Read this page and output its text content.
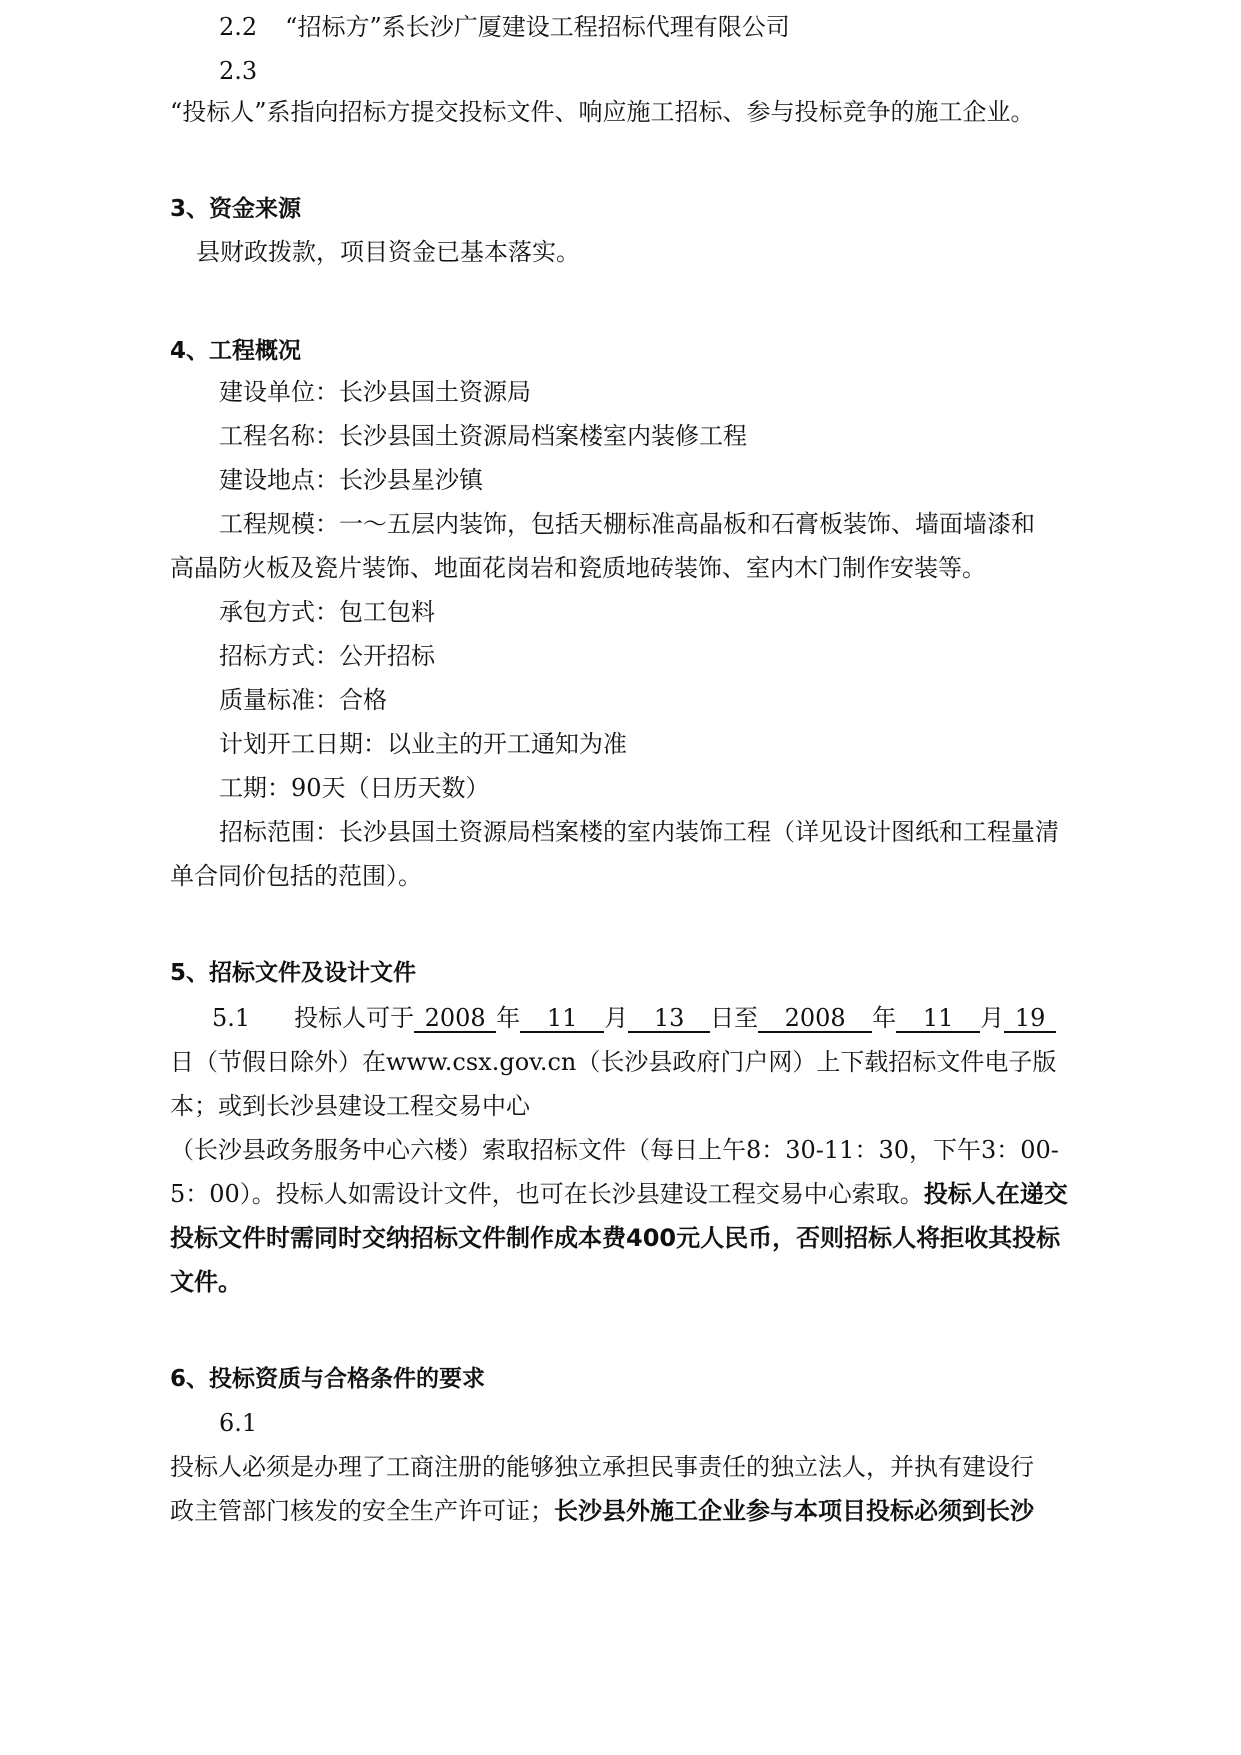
2.2 “招标方”系长沙广厦建设工程招标代理有限公司
2.3
“投标人”系指向招标方提交投标文件、响应施工招标、参与投标竞争的施工企业。
3、资金来源
县财政拨款，项目资金已基本落实。
4、工程概况
建设单位：长沙县国土资源局
工程名称：长沙县国土资源局档案楼室内装修工程
建设地点：长沙县星沙镇
工程规模：一～五层内装饰，包括天棚标准高晶板和石膏板装饰、墙面墙漆和
高晶防火板及瓷片装饰、地面花岗岩和瓷质地砖装饰、室内木门制作安装等。
承包方式：包工包料
招标方式：公开招标
质量标准：合格
计划开工日期：以业主的开工通知为准
工期：90天（日历天数）
招标范围：长沙县国土资源局档案楼的室内装饰工程（详见设计图纸和工程量清
单合同价包括的范围）。
5、招标文件及设计文件
5.1 投标人可于 2008 年 11 月 13 日至 2008 年 11 月 19
日（节假日除外）在www.csx.gov.cn（长沙县政府门户网）上下载招标文件电子版
本；或到长沙县建设工程交易中心
（长沙县政务服务中心六楼）索取招标文件（每日上午8：30-11：30，下午3：00-
5：00）。投标人如需设计文件，也可在长沙县建设工程交易中心索取。投标人在递交
投标文件时需同时交纳招标文件制作成本费400元人民币，否则招标人将拒收其投标
文件。
6、投标资质与合格条件的要求
6.1
投标人必须是办理了工商注册的能够独立承担民事责任的独立法人，并执有建设行
政主管部门核发的安全生产许可证；长沙县外施工企业参与本项目投标必须到长沙
